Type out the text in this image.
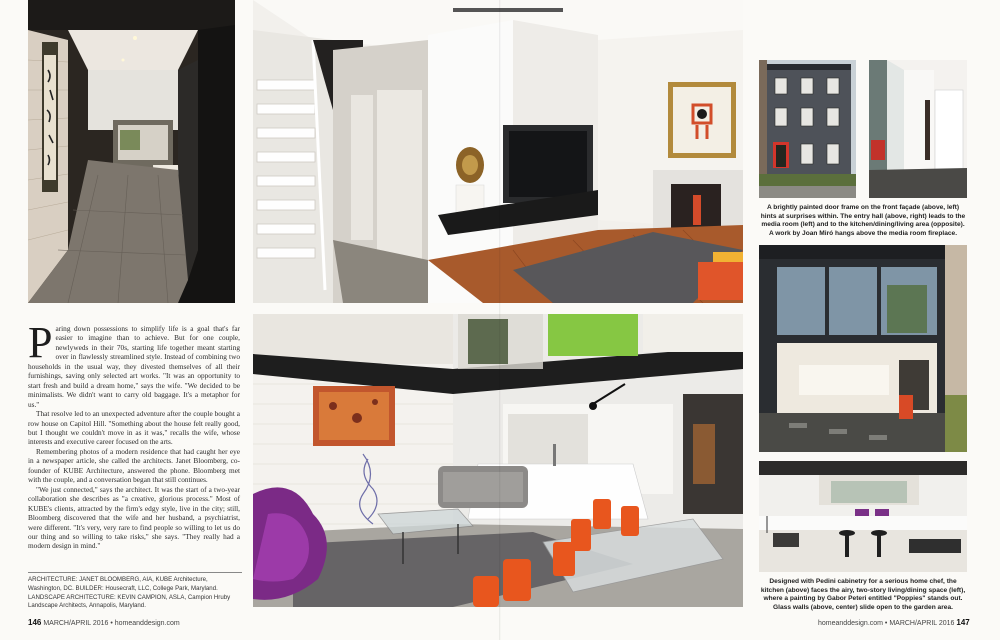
Paring down possessions to simplify life is a goal that's far easier to imagine than to achieve. But for one couple, newlyweds in their 70s, starting life together meant starting over in flawlessly streamlined style. Instead of combining two households in the usual way, they divested themselves of all their furnishings, saving only selected art works. "It was an opportunity to start fresh and build a dream home," says the wife. "We decided to be minimalists. We didn't want to carry old baggage. It's a metaphor for us."

That resolve led to an unexpected adventure after the couple bought a row house on Capitol Hill. "Something about the house felt really good, but I thought we couldn't move in as it was," recalls the wife, whose interests and executive career focused on the arts.

Remembering photos of a modern residence that had caught her eye in a newspaper article, she called the architects. Janet Bloomberg, co-founder of KUBE Architecture, answered the phone. Bloomberg met with the couple, and a conversation began that still continues.

"We just connected," says the architect. It was the start of a two-year collaboration she describes as "a creative, glorious process." Most of KUBE's clients, attracted by the firm's edgy style, live in the city; still, Bloomberg discovered that the wife and her husband, a psychiatrist, were different. "It's very, very rare to find people so willing to let us do our thing and so willing to take risks," she says. "They really had a modern design in mind."

ARCHITECTURE: JANET BLOOMBERG, AIA, KUBE Architecture, Washington, DC. BUILDER: Housecraft, LLC, College Park, Maryland. LANDSCAPE ARCHITECTURE: KEVIN CAMPION, ASLA, Campion Hruby Landscape Architects, Annapolis, Maryland.
146 MARCH/APRIL 2016 • homeanddesign.com
A brightly painted door frame on the front façade (above, left) hints at surprises within. The entry hall (above, right) leads to the media room (left) and to the kitchen/dining/living area (opposite). A work by Joan Miró hangs above the media room fireplace.
Designed with Pedini cabinetry for a serious home chef, the kitchen (above) faces the airy, two-story living/dining space (left), where a painting by Gabor Peteri entitled "Poppies" stands out. Glass walls (above, center) slide open to the garden area.
homeanddesign.com • MARCH/APRIL 2016 147
